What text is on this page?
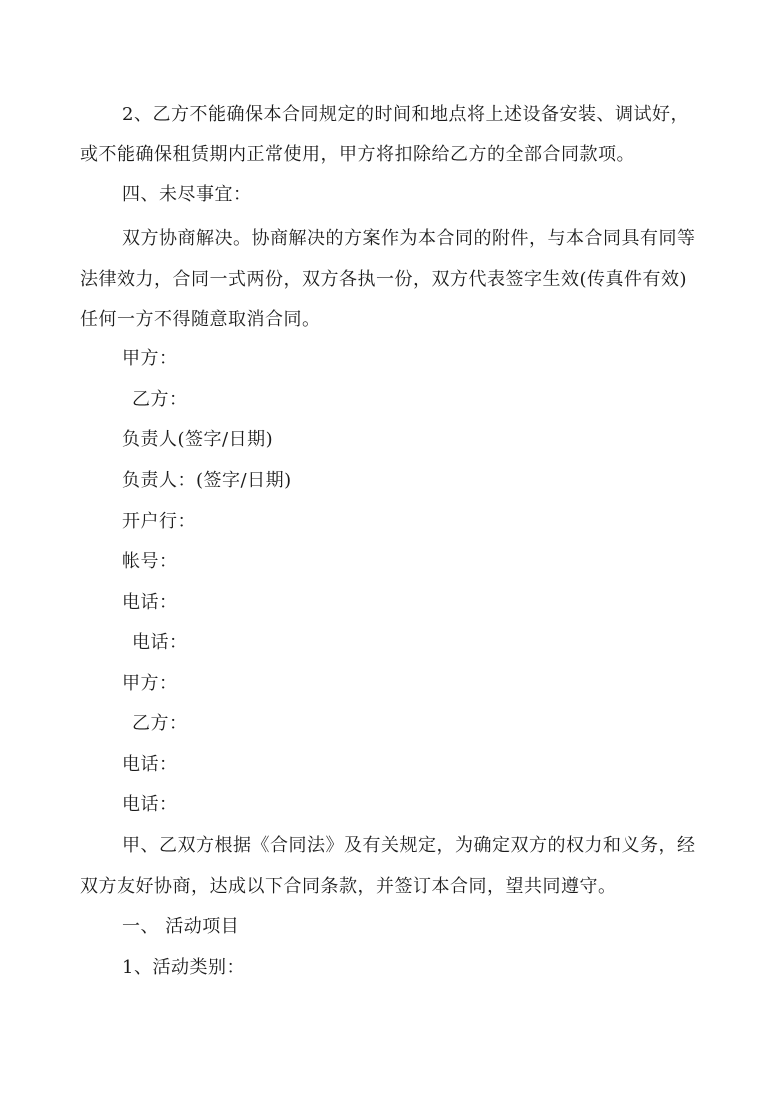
2、乙方不能确保本合同规定的时间和地点将上述设备安装、调试好，
或不能确保租赁期内正常使用，甲方将扣除给乙方的全部合同款项。
四、未尽事宜：
双方协商解决。协商解决的方案作为本合同的附件，与本合同具有同等
法律效力，合同一式两份，双方各执一份，双方代表签字生效(传真件有效)
任何一方不得随意取消合同。
甲方：
乙方：
负责人(签字/日期)
负责人：(签字/日期)
开户行：
帐号：
电话：
电话：
甲方：
乙方：
电话：
电话：
甲、乙双方根据《合同法》及有关规定，为确定双方的权力和义务，经
双方友好协商，达成以下合同条款，并签订本合同，望共同遵守。
一、 活动项目
1、活动类别：
